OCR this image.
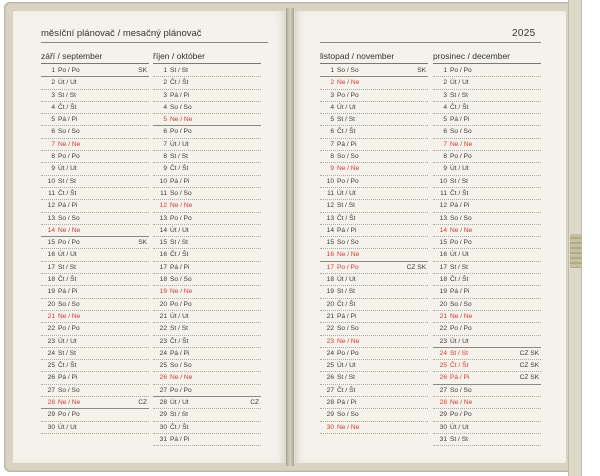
měsíční plánovač / mesačný plánovač	2025
září / september
1 Po / Po	SK
2 Út / Ut
3 St / St
4 Čt / Št
5 Pá / Pi
6 So / So
7 Ne / Ne
8 Po / Po
9 Út / Ut
10 St / St
11 Čt / Št
12 Pá / Pi
13 So / So
14 Ne / Ne
15 Po / Po	SK
16 Út / Ut
17 St / St
18 Čt / Št
19 Pá / Pi
20 So / So
21 Ne / Ne
22 Po / Po
23 Út / Ut
24 St / St
25 Čt / Št
26 Pá / Pi
27 So / So
28 Ne / Ne	CZ
29 Po / Po
30 Út / Ut
říjen / október
1 St / St
2 Čt / Št
3 Pá / Pi
4 So / So
5 Ne / Ne
6 Po / Po
7 Út / Ut
8 St / St
9 Čt / Št
10 Pá / Pi
11 So / So
12 Ne / Ne
13 Po / Po
14 Út / Ut
15 St / St
16 Čt / Št
17 Pá / Pi
18 So / So
19 Ne / Ne
20 Po / Po
21 Út / Ut
22 St / St
23 Čt / Št
24 Pá / Pi
25 So / So
26 Ne / Ne
27 Po / Po
28 Út / Ut	CZ
29 St / St
30 Čt / Št
31 Pá / Pi
listopad / november
1 So / So	SK
2 Ne / Ne
3 Po / Po
4 Út / Ut
5 St / St
6 Čt / Št
7 Pá / Pi
8 So / So
9 Ne / Ne
10 Po / Po
11 Út / Ut
12 St / St
13 Čt / Št
14 Pá / Pi
15 So / So
16 Ne / Ne
17 Po / Po	CZ SK
18 Út / Ut
19 St / St
20 Čt / Št
21 Pá / Pi
22 So / So
23 Ne / Ne
24 Po / Po
25 Út / Ut
26 St / St
27 Čt / Št
28 Pá / Pi
29 So / So
30 Ne / Ne
prosinec / december
1 Po / Po
2 Út / Ut
3 St / St
4 Čt / Št
5 Pá / Pi
6 So / So
7 Ne / Ne
8 Po / Po
9 Út / Ut
10 St / St
11 Čt / Št
12 Pá / Pi
13 So / So
14 Ne / Ne
15 Po / Po
16 Út / Ut
17 St / St
18 Čt / Št
19 Pá / Pi
20 So / So
21 Ne / Ne
22 Po / Po
23 Út / Ut
24 St / St	CZ SK
25 Čt / Št	CZ SK
26 Pá / Pi	CZ SK
27 So / So
28 Ne / Ne
29 Po / Po
30 Út / Ut
31 St / St
